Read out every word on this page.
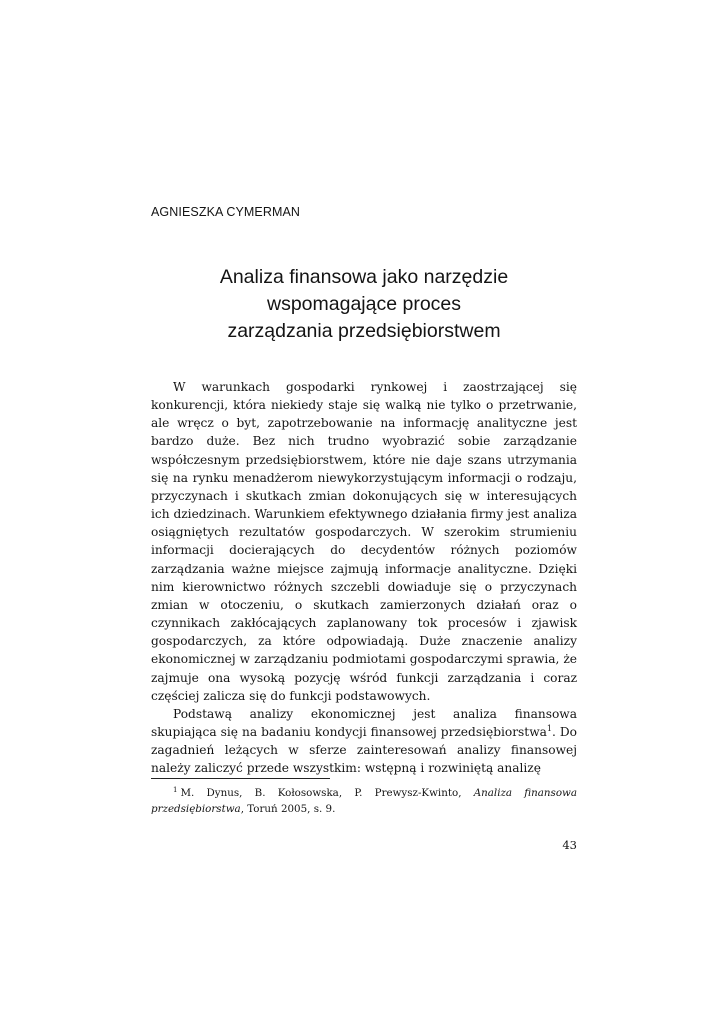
AGNIESZKA CYMERMAN

Analiza finansowa jako narzędzie
wspomagające proces
zarządzania przedsiębiorstwem

W warunkach gospodarki rynkowej i zaostrzającej się konkurencji, która niekiedy staje się walką nie tylko o przetrwanie, ale wręcz o byt, zapotrzebowanie na informację analityczne jest bardzo duże. Bez nich trudno wyobrazić sobie zarządzanie współczesnym przedsiębiorstwem, które nie daje szans utrzymania się na rynku menadżerom niewykorzystującym informacji o rodzaju, przyczynach i skutkach zmian dokonujących się w interesujących ich dziedzinach. Warunkiem efektywnego działania firmy jest analiza osiągniętych rezultatów gospodarczych. W szerokim strumieniu informacji docierających do decydentów różnych poziomów zarządzania ważne miejsce zajmują informacje analityczne. Dzięki nim kierownictwo różnych szczebli dowiaduje się o przyczynach zmian w otoczeniu, o skutkach zamierzonych działań oraz o czynnikach zakłócających zaplanowany tok procesów i zjawisk gospodarczych, za które odpowiadają. Duże znaczenie analizy ekonomicznej w zarządzaniu podmiotami gospodarczymi sprawia, że zajmuje ona wysoką pozycję wśród funkcji zarządzania i coraz częściej zalicza się do funkcji podstawowych.

Podstawą analizy ekonomicznej jest analiza finansowa skupiająca się na badaniu kondycji finansowej przedsiębiorstwa$^1$. Do zagadnień leżących w sferze zainteresowań analizy finansowej należy zaliczyć przede wszystkim: wstępną i rozwiniętą analizę

$^1$ M. Dynus, B. Kołosowska, P. Prewysz-Kwinto, Analiza finansowa przedsiębiorstwa, Toruń 2005, s. 9.

43
